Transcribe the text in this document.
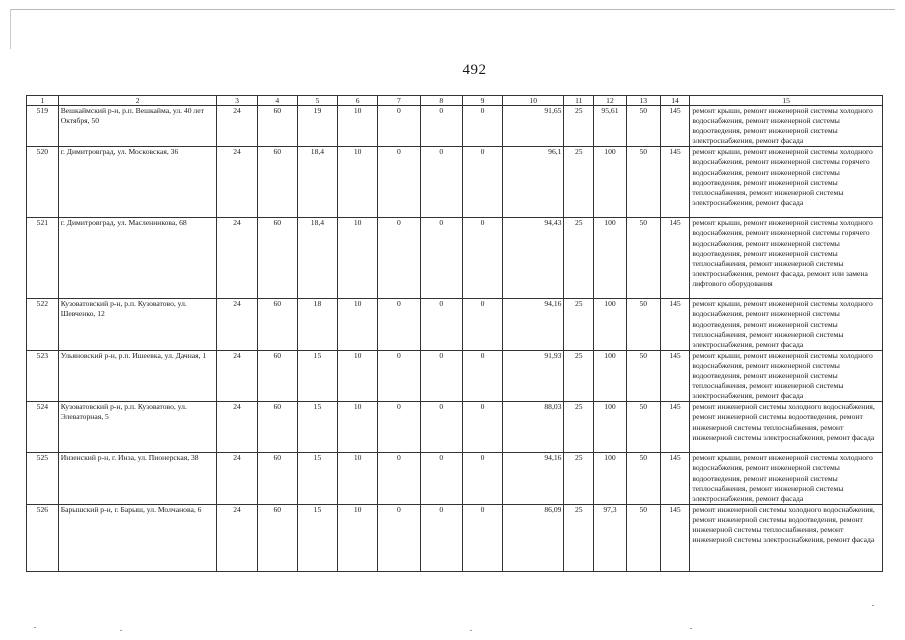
492
1	2	3	4	5	6	7	8	9	10	11	12	13	14	15
519	Вешкаймский р-н, р.п. Вешкайма, ул. 40 лет Октября, 50	24	60	19	10	0	0	0	91,65	25	95,61	50	145	ремонт крыши, ремонт инженерной системы холодного водоснабжения, ремонт инженерной системы водоотведения, ремонт инженерной системы электроснабжения, ремонт фасада
520	г. Димитровград, ул. Московская, 36	24	60	18,4	10	0	0	0	96,1	25	100	50	145	ремонт крыши, ремонт инженерной системы холодного водоснабжения, ремонт инженерной системы горячего водоснабжения, ремонт инженерной системы водоотведения, ремонт инженерной системы теплоснабжения, ремонт инженерной системы электроснабжения, ремонт фасада
521	г. Димитровград, ул. Масленникова, 68	24	60	18,4	10	0	0	0	94,43	25	100	50	145	ремонт крыши, ремонт инженерной системы холодного водоснабжения, ремонт инженерной системы горячего водоснабжения, ремонт инженерной системы водоотведения, ремонт инженерной системы теплоснабжения, ремонт инженерной системы электроснабжения, ремонт фасада, ремонт или замена лифтового оборудования
522	Кузоватовский р-н, р.п. Кузоватово, ул. Шевченко, 12	24	60	18	10	0	0	0	94,16	25	100	50	145	ремонт крыши, ремонт инженерной системы холодного водоснабжения, ремонт инженерной системы водоотведения, ремонт инженерной системы теплоснабжения, ремонт инженерной системы электроснабжения, ремонт фасада
523	Ульяновский р-н, р.п. Ишеевка, ул. Дачная, 1	24	60	15	10	0	0	0	91,93	25	100	50	145	ремонт крыши, ремонт инженерной системы холодного водоснабжения, ремонт инженерной системы водоотведения, ремонт инженерной системы теплоснабжения, ремонт инженерной системы электроснабжения, ремонт фасада
524	Кузоватовский р-н, р.п. Кузоватово, ул. Элеваторная, 5	24	60	15	10	0	0	0	88,03	25	100	50	145	ремонт инженерной системы холодного водоснабжения, ремонт инженерной системы водоотведения, ремонт инженерной системы теплоснабжения, ремонт инженерной системы электроснабжения, ремонт фасада
525	Инзенский р-н, г. Инза, ул. Пионерская, 38	24	60	15	10	0	0	0	94,16	25	100	50	145	ремонт крыши, ремонт инженерной системы холодного водоснабжения, ремонт инженерной системы водоотведения, ремонт инженерной системы теплоснабжения, ремонт инженерной системы электроснабжения, ремонт фасада
526	Барышский р-н, г. Барыш, ул. Молчанова, 6	24	60	15	10	0	0	0	86,09	25	97,3	50	145	ремонт инженерной системы холодного водоснабжения, ремонт инженерной системы водоотведения, ремонт инженерной системы теплоснабжения, ремонт инженерной системы электроснабжения, ремонт фасада
